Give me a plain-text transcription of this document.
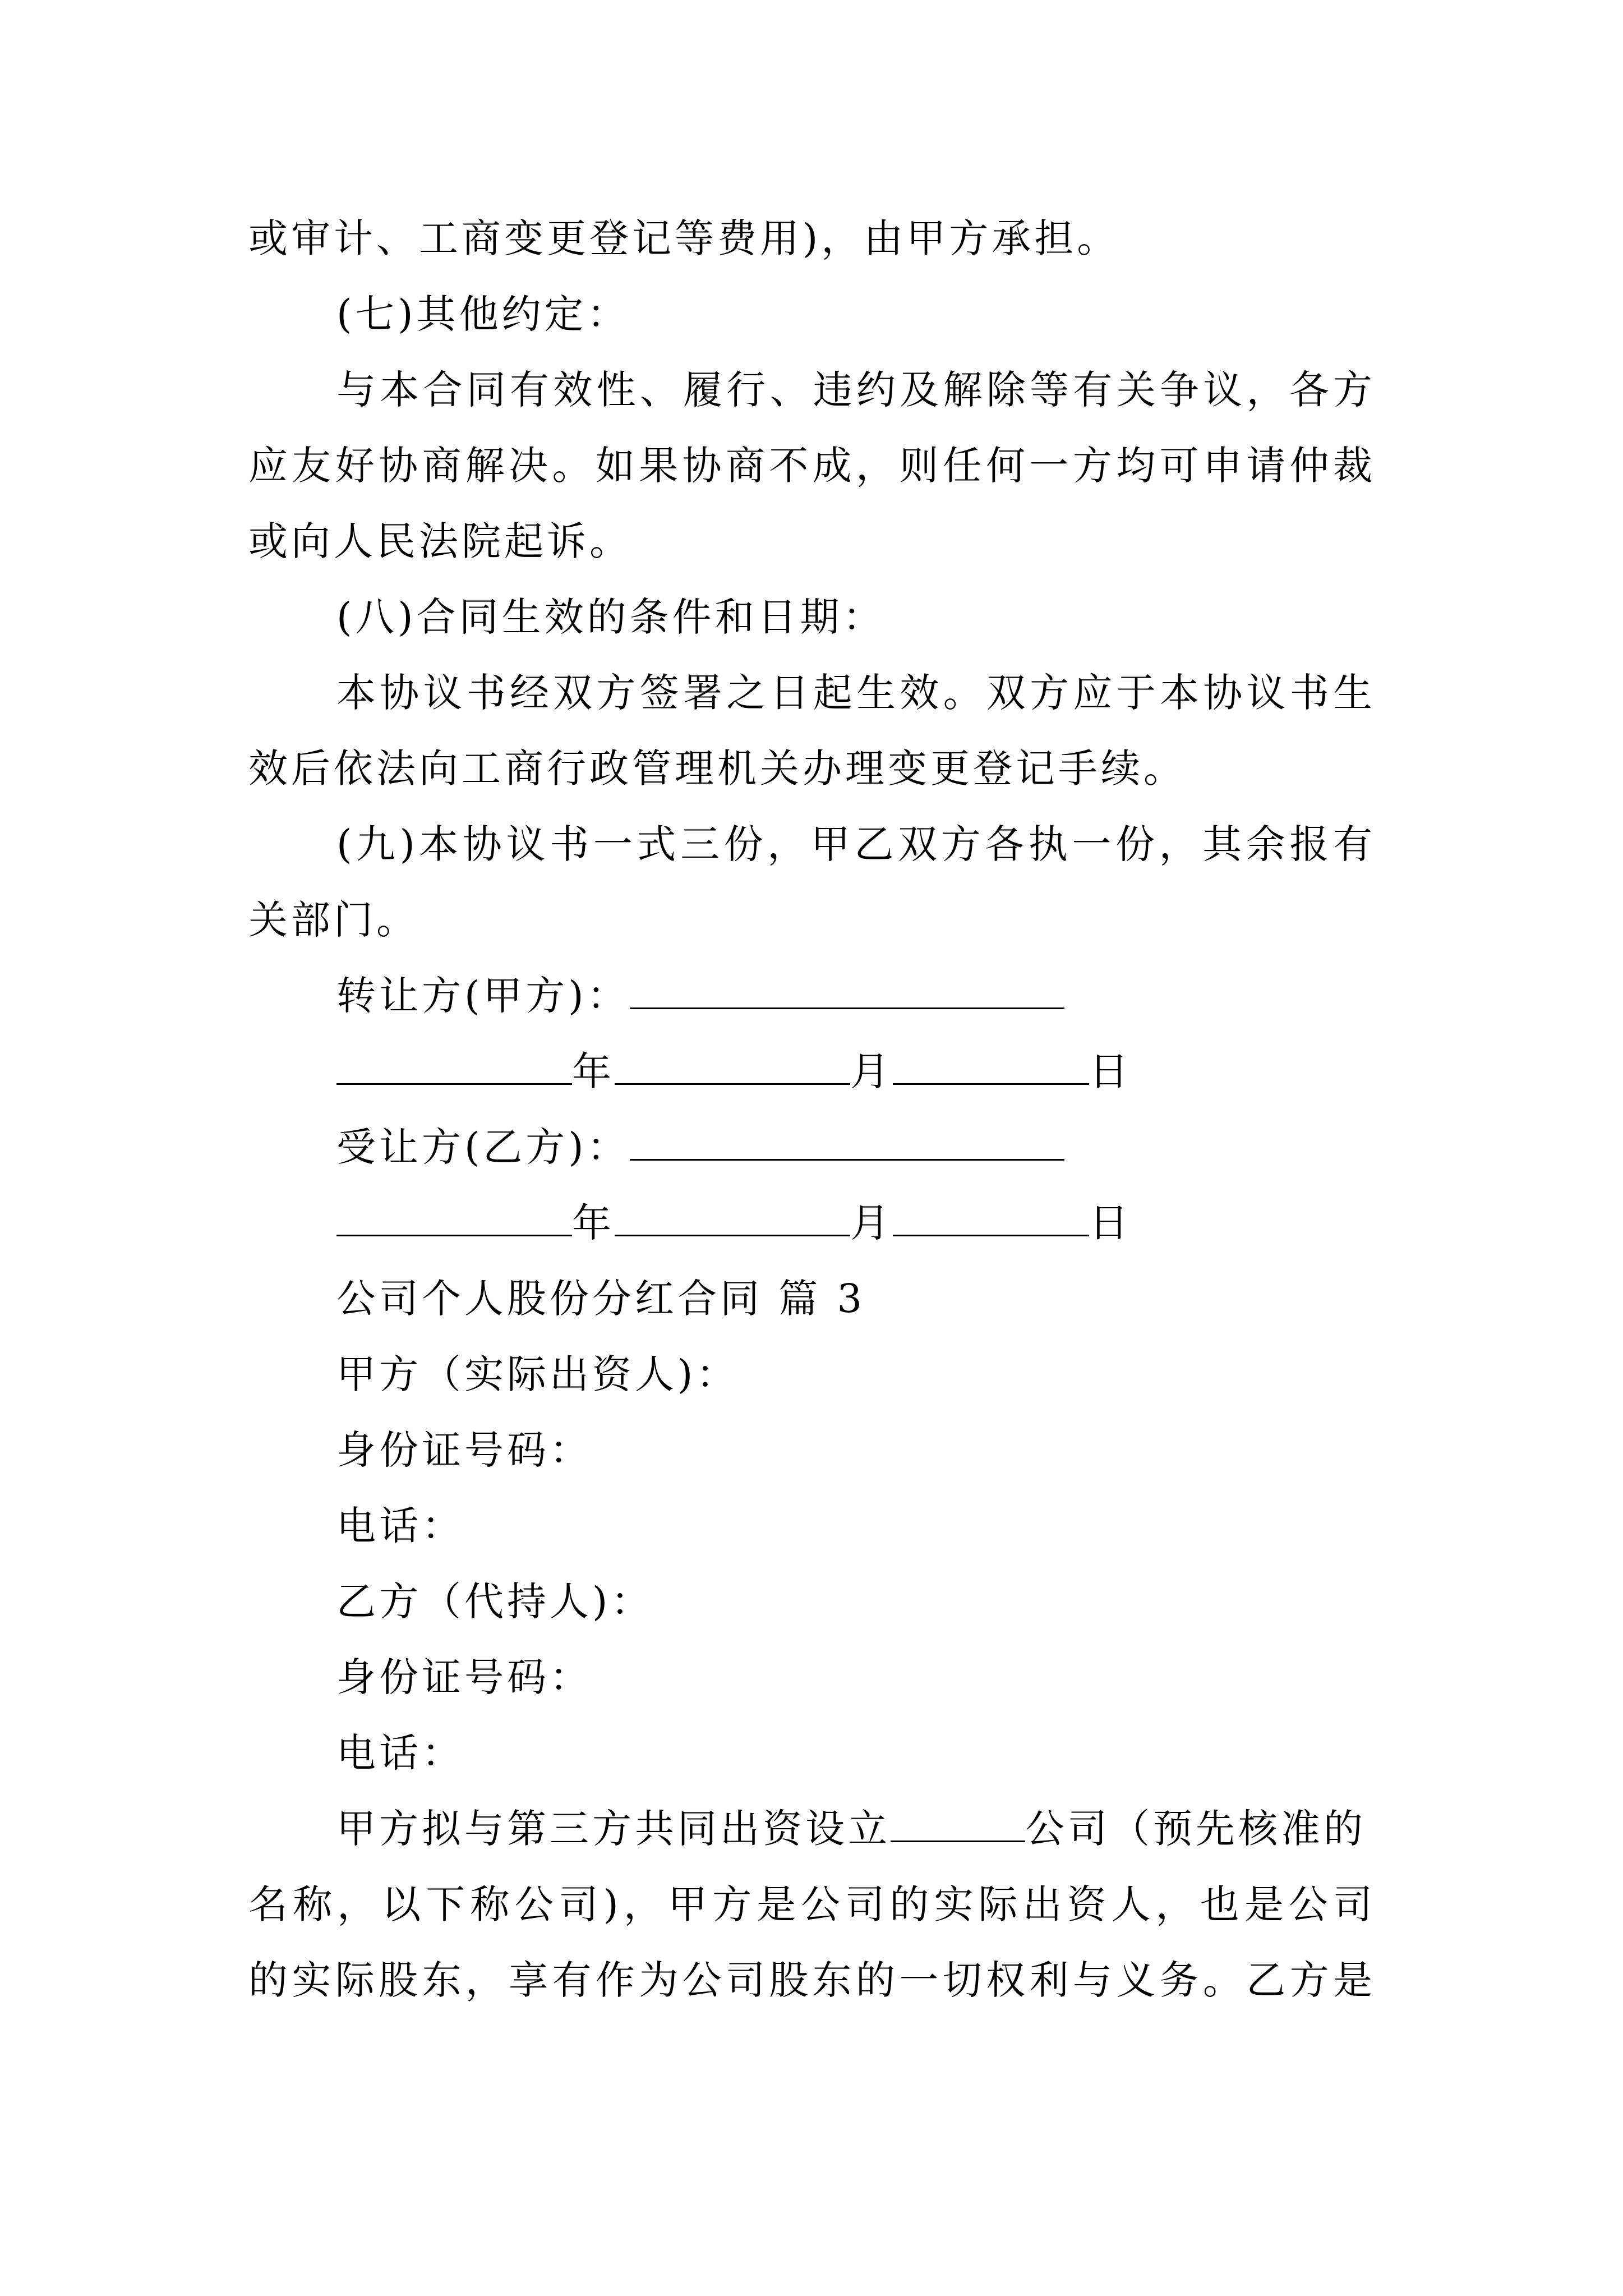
或审计、工商变更登记等费用)，由甲方承担。
(七)其他约定：
与本合同有效性、履行、违约及解除等有关争议，各方
应友好协商解决。如果协商不成，则任何一方均可申请仲裁
或向人民法院起诉。
(八)合同生效的条件和日期：
本协议书经双方签署之日起生效。双方应于本协议书生
效后依法向工商行政管理机关办理变更登记手续。
(九)本协议书一式三份，甲乙双方各执一份，其余报有
关部门。
转让方(甲方)：
年	月	日
受让方(乙方)：
年	月	日
公司个人股份分红合同 篇 3
甲方（实际出资人)：
身份证号码：
电话：
乙方（代持人)：
身份证号码：
电话：
甲方拟与第三方共同出资设立	公司（预先核准的
名称，以下称公司)，甲方是公司的实际出资人，也是公司
的实际股东，享有作为公司股东的一切权利与义务。乙方是
